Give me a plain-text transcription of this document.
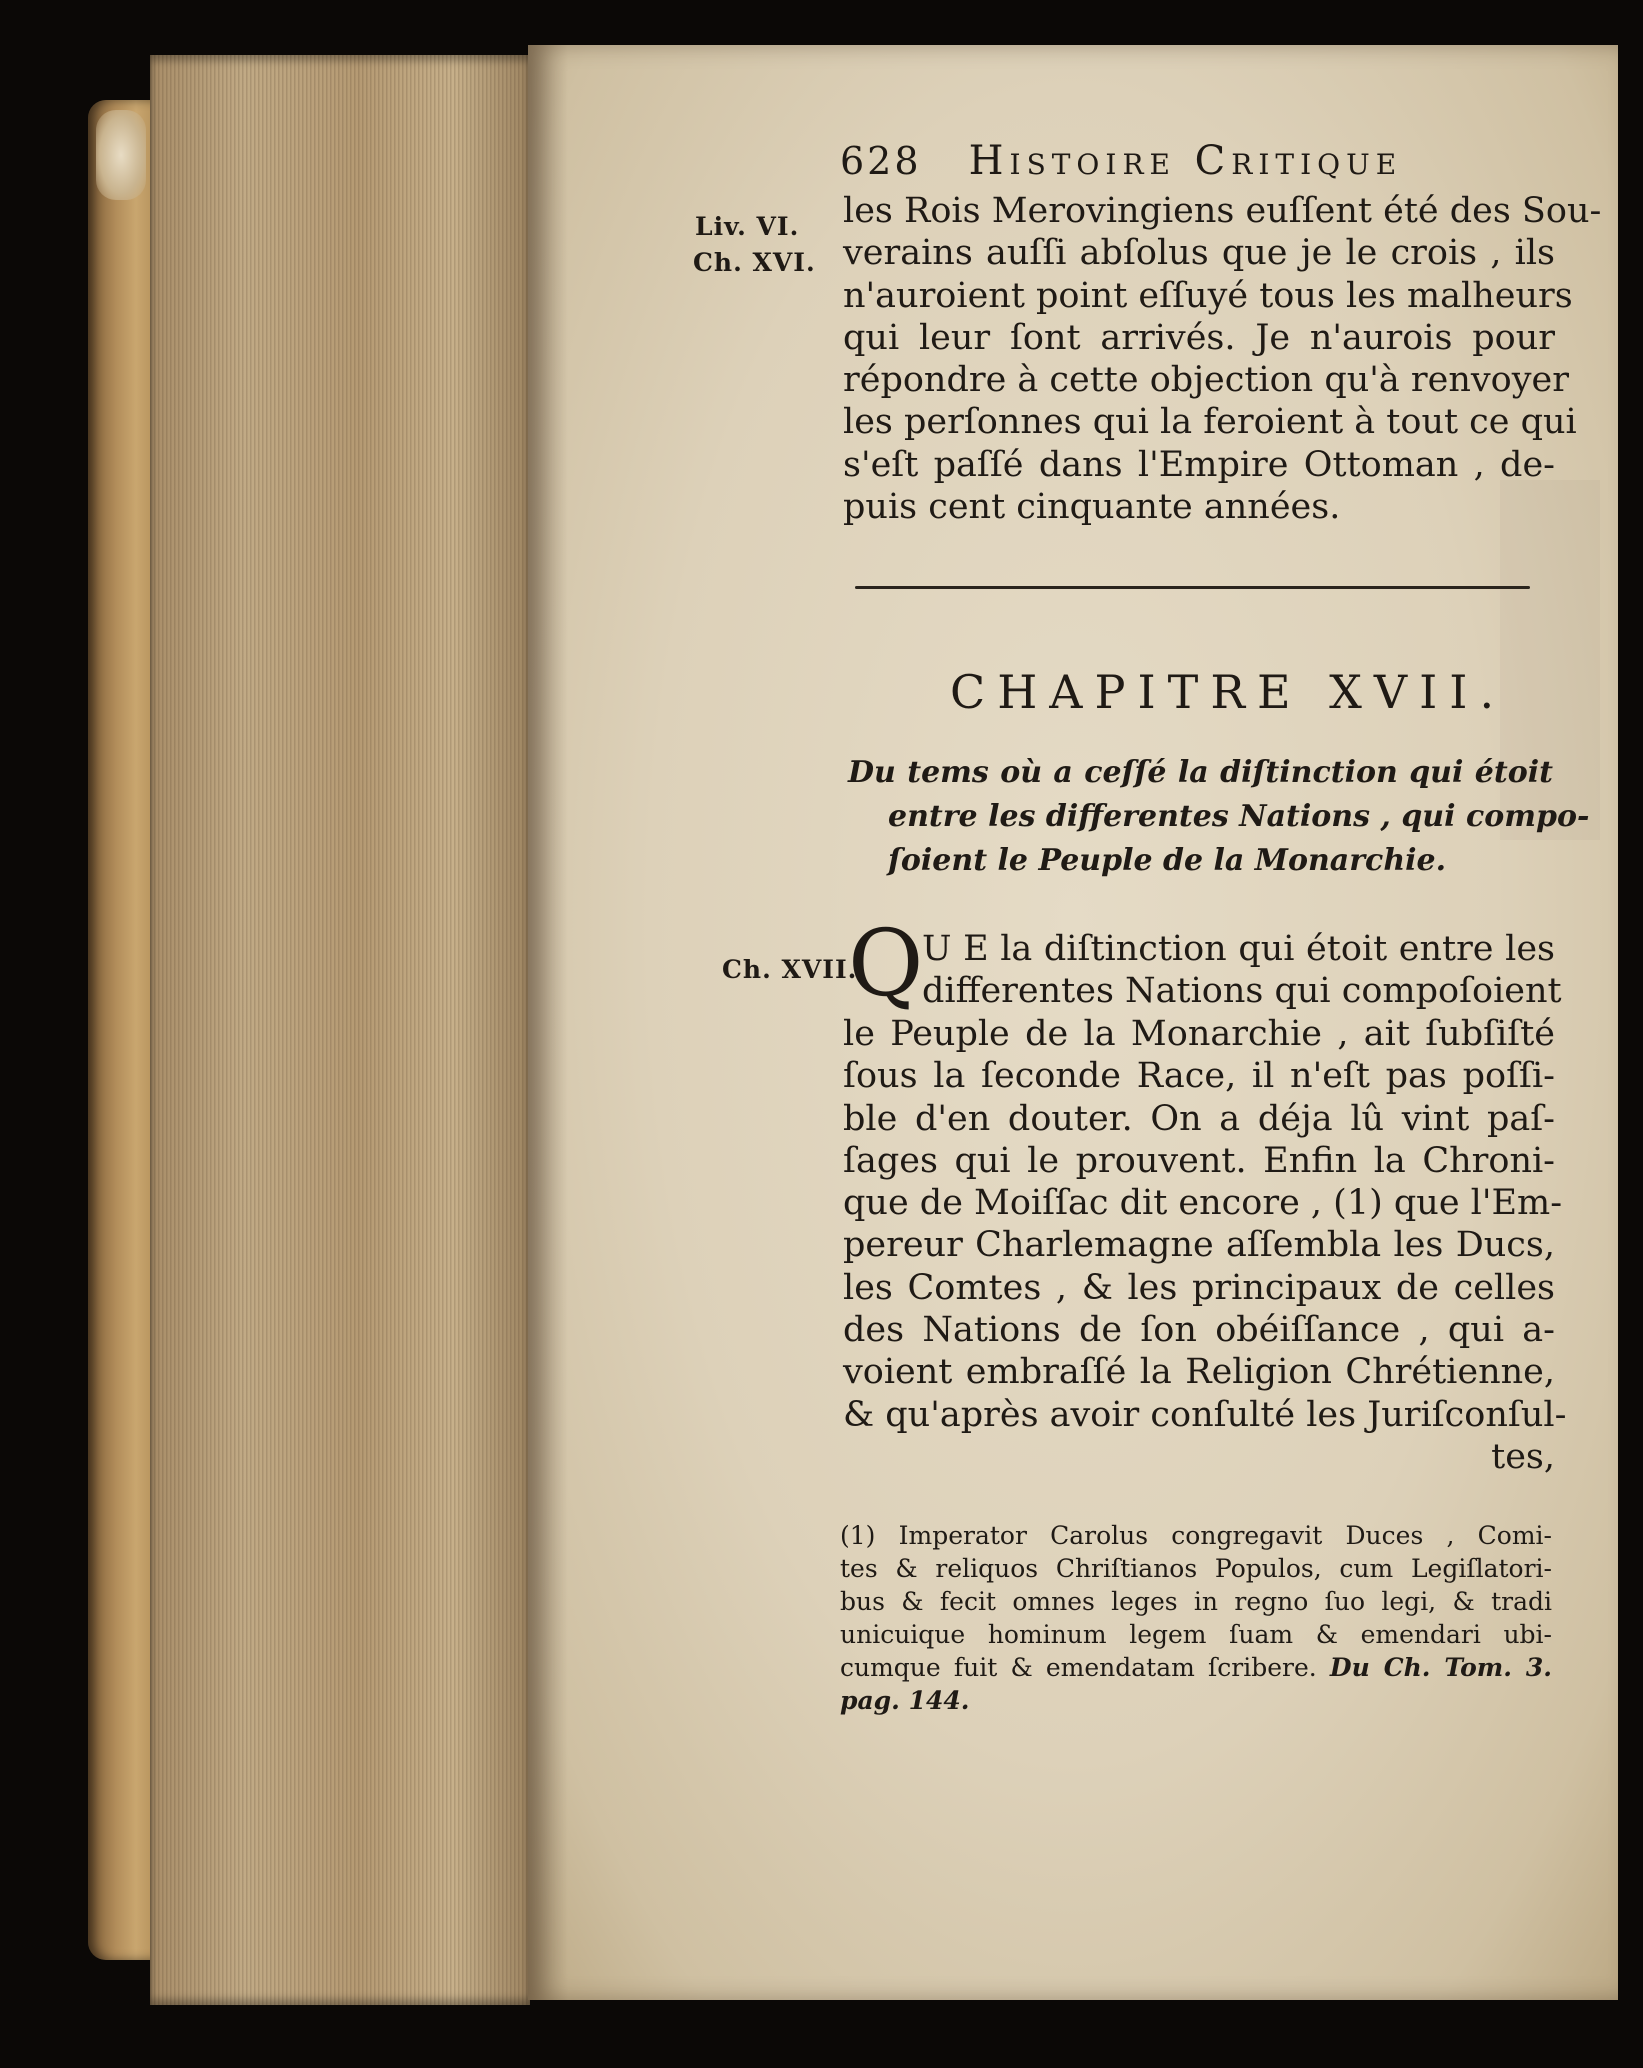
628 Histoire Critique
Liv. VI.
Ch. XVI.
Ch. XVII.
les Rois Merovingiens euſſent été des Sou-
verains auſſi abſolus que je le crois , ils
n'auroient point eſſuyé tous les malheurs
qui leur ſont arrivés. Je n'aurois pour
répondre à cette objection qu'à renvoyer
les perſonnes qui la feroient à tout ce qui
s'eſt paſſé dans l'Empire Ottoman , de-
puis cent cinquante années.
CHAPITRE XVII.
Du tems où a ceſſé la diſtinction qui étoit
entre les differentes Nations , qui compo-
ſoient le Peuple de la Monarchie.
Q
U E la diſtinction qui étoit entre les
differentes Nations qui compoſoient
le Peuple de la Monarchie , ait ſubſiſté
ſous la ſeconde Race, il n'eſt pas poſſi-
ble d'en douter. On a déja lû vint paſ-
ſages qui le prouvent. Enfin la Chroni-
que de Moiſſac dit encore , (1) que l'Em-
pereur Charlemagne aſſembla les Ducs,
les Comtes , & les principaux de celles
des Nations de ſon obéiſſance , qui a-
voient embraſſé la Religion Chrétienne,
& qu'après avoir conſulté les Juriſconſul-
tes,
(1) Imperator Carolus congregavit Duces , Comi-
tes & reliquos Chriſtianos Populos, cum Legiſlatori-
bus & fecit omnes leges in regno ſuo legi, & tradi
unicuique hominum legem ſuam & emendari ubi-
cumque fuit & emendatam ſcribere. Du Ch. Tom. 3.
pag. 144.
